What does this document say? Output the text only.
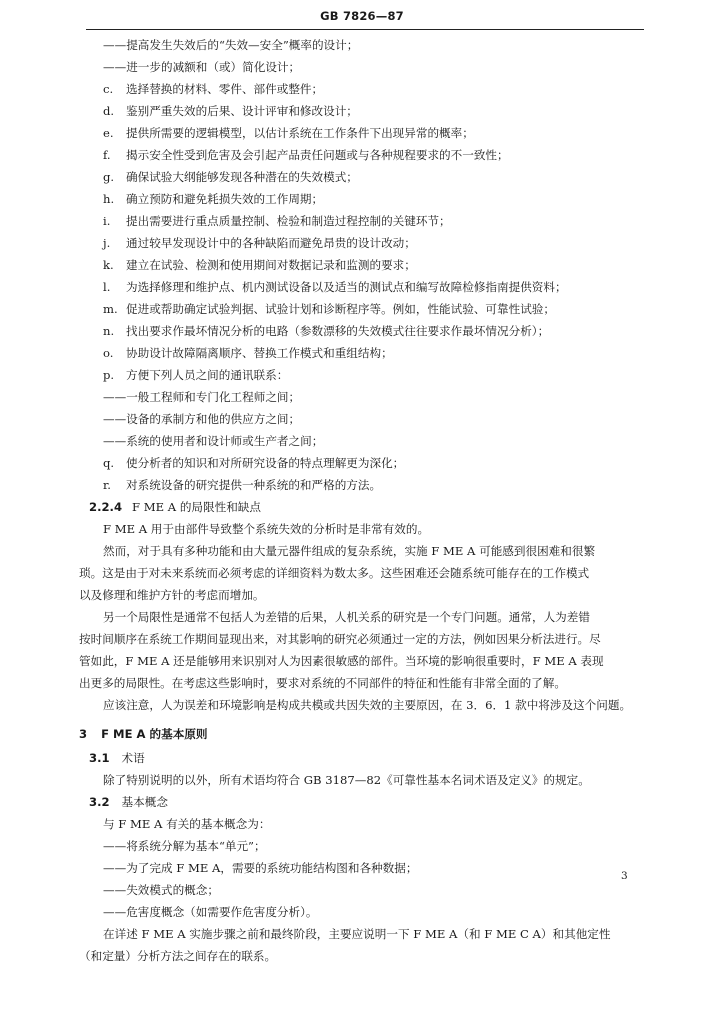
GB 7826—87
——提高发生失效后的“失效—安全”概率的设计；
——进一步的减额和（或）简化设计；
c. 选择替换的材料、零件、部件或整件；
d. 鉴别严重失效的后果、设计评审和修改设计；
e. 提供所需要的逻辑模型，以估计系统在工作条件下出现异常的概率；
f. 揭示安全性受到危害及会引起产品责任问题或与各种规程要求的不一致性；
g. 确保试验大纲能够发现各种潜在的失效模式；
h. 确立预防和避免耗损失效的工作周期；
i. 提出需要进行重点质量控制、检验和制造过程控制的关键环节；
j. 通过较早发现设计中的各种缺陷而避免昂贵的设计改动；
k. 建立在试验、检测和使用期间对数据记录和监测的要求；
l. 为选择修理和维护点、机内测试设备以及适当的测试点和编写故障检修指南提供资料；
m. 促进或帮助确定试验判据、试验计划和诊断程序等。例如，性能试验、可靠性试验；
n. 找出要求作最坏情况分析的电路（参数漂移的失效模式往往要求作最坏情况分析）；
o. 协助设计故障隔离顺序、替换工作模式和重组结构；
p. 方便下列人员之间的通讯联系：
——一般工程师和专门化工程师之间；
——设备的承制方和他的供应方之间；
——系统的使用者和设计师或生产者之间；
q. 使分析者的知识和对所研究设备的特点理解更为深化；
r. 对系统设备的研究提供一种系统的和严格的方法。
2.2.4 F ME A 的局限性和缺点
F ME A 用于由部件导致整个系统失效的分析时是非常有效的。
然而，对于具有多种功能和由大量元器件组成的复杂系统，实施 F ME A 可能感到很困难和很繁
琐。这是由于对未来系统而必须考虑的详细资料为数太多。这些困难还会随系统可能存在的工作模式
以及修理和维护方针的考虑而增加。
另一个局限性是通常不包括人为差错的后果，人机关系的研究是一个专门问题。通常，人为差错
按时间顺序在系统工作期间显现出来，对其影响的研究必须通过一定的方法，例如因果分析法进行。尽
管如此，F ME A 还是能够用来识别对人为因素很敏感的部件。当环境的影响很重要时，F ME A 表现
出更多的局限性。在考虑这些影响时，要求对系统的不同部件的特征和性能有非常全面的了解。
应该注意，人为误差和环境影响是构成共模或共因失效的主要原因，在 3．6．1 款中将涉及这个问题。
3 F ME A 的基本原则
3.1 术语
除了特别说明的以外，所有术语均符合 GB 3187—82《可靠性基本名词术语及定义》的规定。
3.2 基本概念
与 F ME A 有关的基本概念为：
——将系统分解为基本“单元”；
——为了完成 F ME A，需要的系统功能结构图和各种数据；
——失效模式的概念；
——危害度概念（如需要作危害度分析）。
在详述 F ME A 实施步骤之前和最终阶段，主要应说明一下 F ME A（和 F ME C A）和其他定性
（和定量）分析方法之间存在的联系。
3
